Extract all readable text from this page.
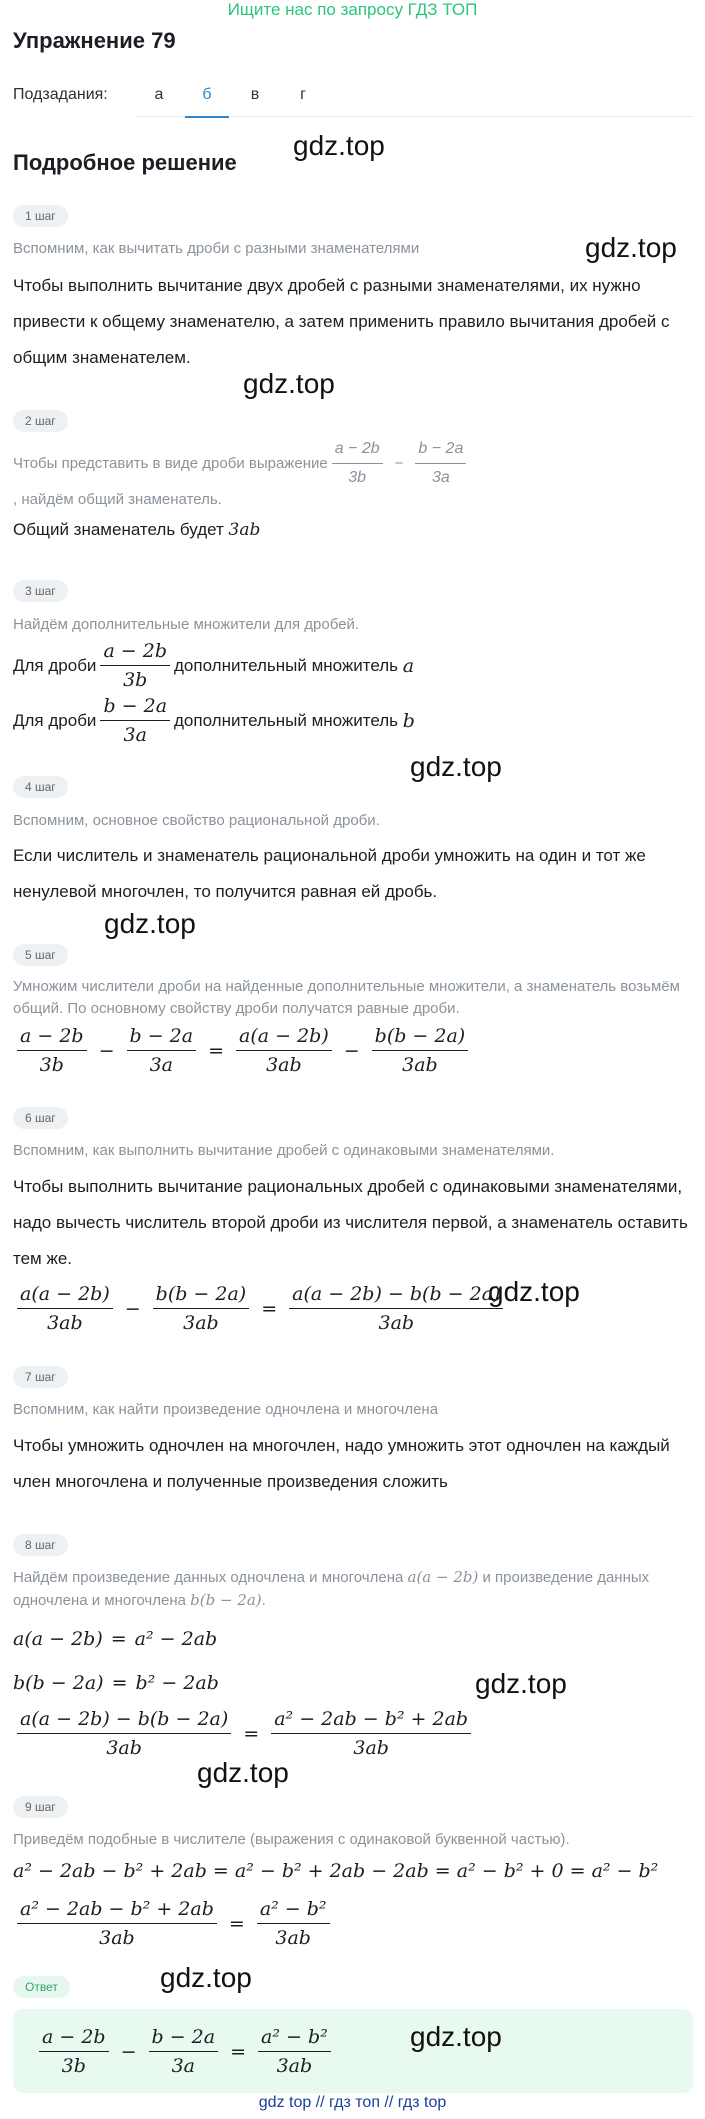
Ищите нас по запросу ГДЗ ТОП
Упражнение 79
Подзадания:	а	б	в	г
Подробное решение
gdz.top
gdz.top
gdz.top
gdz.top
gdz.top
gdz.top
gdz.top
gdz.top
gdz.top
gdz.top
1 шаг
Вспомним, как вычитать дроби с разными знаменателями
Чтобы выполнить вычитание двух дробей с разными знаменателями, их нужно привести к общему знаменателю, а затем применить правило вычитания дробей с общим знаменателем.
2 шаг
Чтобы представить в виде дроби выражение $\frac{a - 2b}{3b} - \frac{b - 2a}{3a}$
, найдём общий знаменатель.
Общий знаменатель будет 3ab
3 шаг
Найдём дополнительные множители для дробей.
Для дроби $\frac{a - 2b}{3b}$ дополнительный множитель
a
Для дроби $\frac{b - 2a}{3a}$ дополнительный множитель
b
4 шаг
Вспомним, основное свойство рациональной дроби.
Если числитель и знаменатель рациональной дроби умножить на один и тот же ненулевой многочлен, то получится равная ей дробь.
5 шаг
Умножим числители дроби на найденные дополнительные множители, а знаменатель возьмём общий. По основному свойству дроби получатся равные дроби.
$\frac{a - 2b}{3b} - \frac{b - 2a}{3a} = \frac{a(a - 2b)}{3ab} - \frac{b(b - 2a)}{3ab}$
6 шаг
Вспомним, как выполнить вычитание дробей с одинаковыми знаменателями.
Чтобы выполнить вычитание рациональных дробей с одинаковыми знаменателями, надо вычесть числитель второй дроби из числителя первой, а знаменатель оставить тем же.
$\frac{a(a - 2b)}{3ab} - \frac{b(b - 2a)}{3ab} = \frac{a(a - 2b) - b(b - 2a)}{3ab}$
7 шаг
Вспомним, как найти произведение одночлена и многочлена
Чтобы умножить одночлен на многочлен, надо умножить этот одночлен на каждый член многочлена и полученные произведения сложить
8 шаг
Найдём произведение данных одночлена и многочлена a(a − 2b) и произведение данных одночлена и многочлена b(b − 2a).
a(a − 2b) = a² − 2ab
b(b − 2a) = b² − 2ab
$\frac{a(a - 2b) - b(b - 2a)}{3ab} = \frac{\text{a² − 2ab − b² + 2ab}}{3ab}$
9 шаг
Приведём подобные в числителе (выражения с одинаковой буквенной частью).
a² − 2ab − b² + 2ab = a² − b² + 2ab − 2ab = a² − b² + 0 = a² − b²
$\frac{\text{a² − 2ab − b² + 2ab}}{3ab} = \frac{\text{a² − b²}}{3ab}$
Ответ
$\frac{a - 2b}{3b} - \frac{b - 2a}{3a} = \frac{\text{a² − b²}}{3ab}$
gdz top // гдз топ // гдз top
